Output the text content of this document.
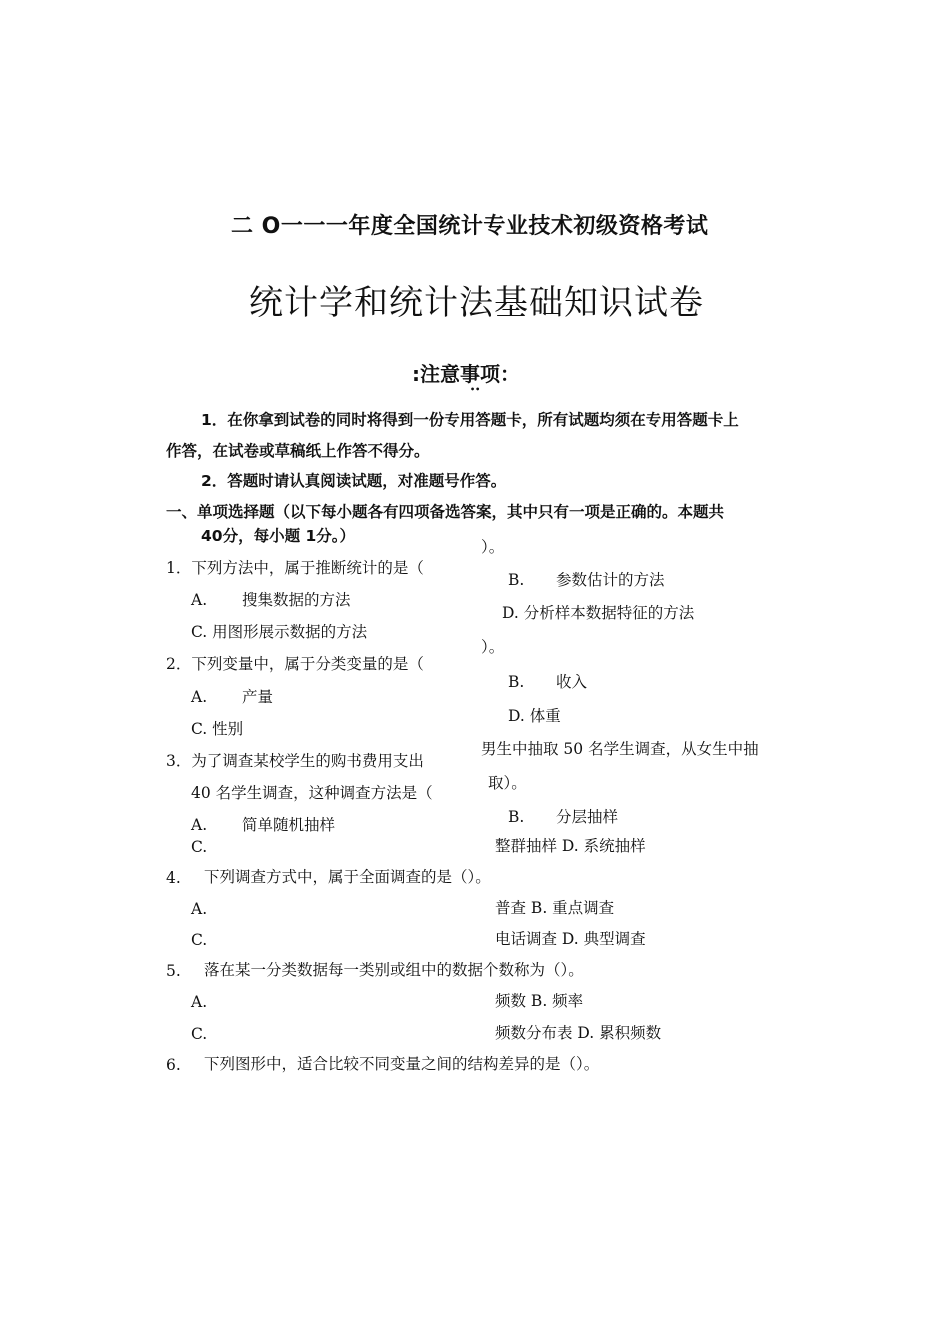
二 O一一一年度全国统计专业技术初级资格考试
统计学和统计法基础知识试卷
:注意事项：
••
1．在你拿到试卷的同时将得到一份专用答题卡，所有试题均须在专用答题卡上
作答，在试卷或草稿纸上作答不得分。
2．答题时请认真阅读试题，对准题号作答。
一、单项选择题（以下每小题各有四项备选答案，其中只有一项是正确的。本题共
40分，每小题 1分。）
）。
1．下列方法中，属于推断统计的是（
B. 参数估计的方法
A. 搜集数据的方法
D. 分析样本数据特征的方法
C. 用图形展示数据的方法
）。
2．下列变量中，属于分类变量的是（
B. 收入
A. 产量
D. 体重
C. 性别
男生中抽取 50 名学生调查，从女生中抽
3．为了调查某校学生的购书费用支出
取）。
40 名学生调查，这种调查方法是（
B. 分层抽样
A. 简单随机抽样
C.	整群抽样 D. 系统抽样
4. 下列调查方式中，属于全面调查的是（）。
A.	普查 B. 重点调查
C.	电话调查 D. 典型调查
5. 落在某一分类数据每一类别或组中的数据个数称为（）。
A.	频数 B. 频率
C.	频数分布表 D. 累积频数
6. 下列图形中，适合比较不同变量之间的结构差异的是（）。
